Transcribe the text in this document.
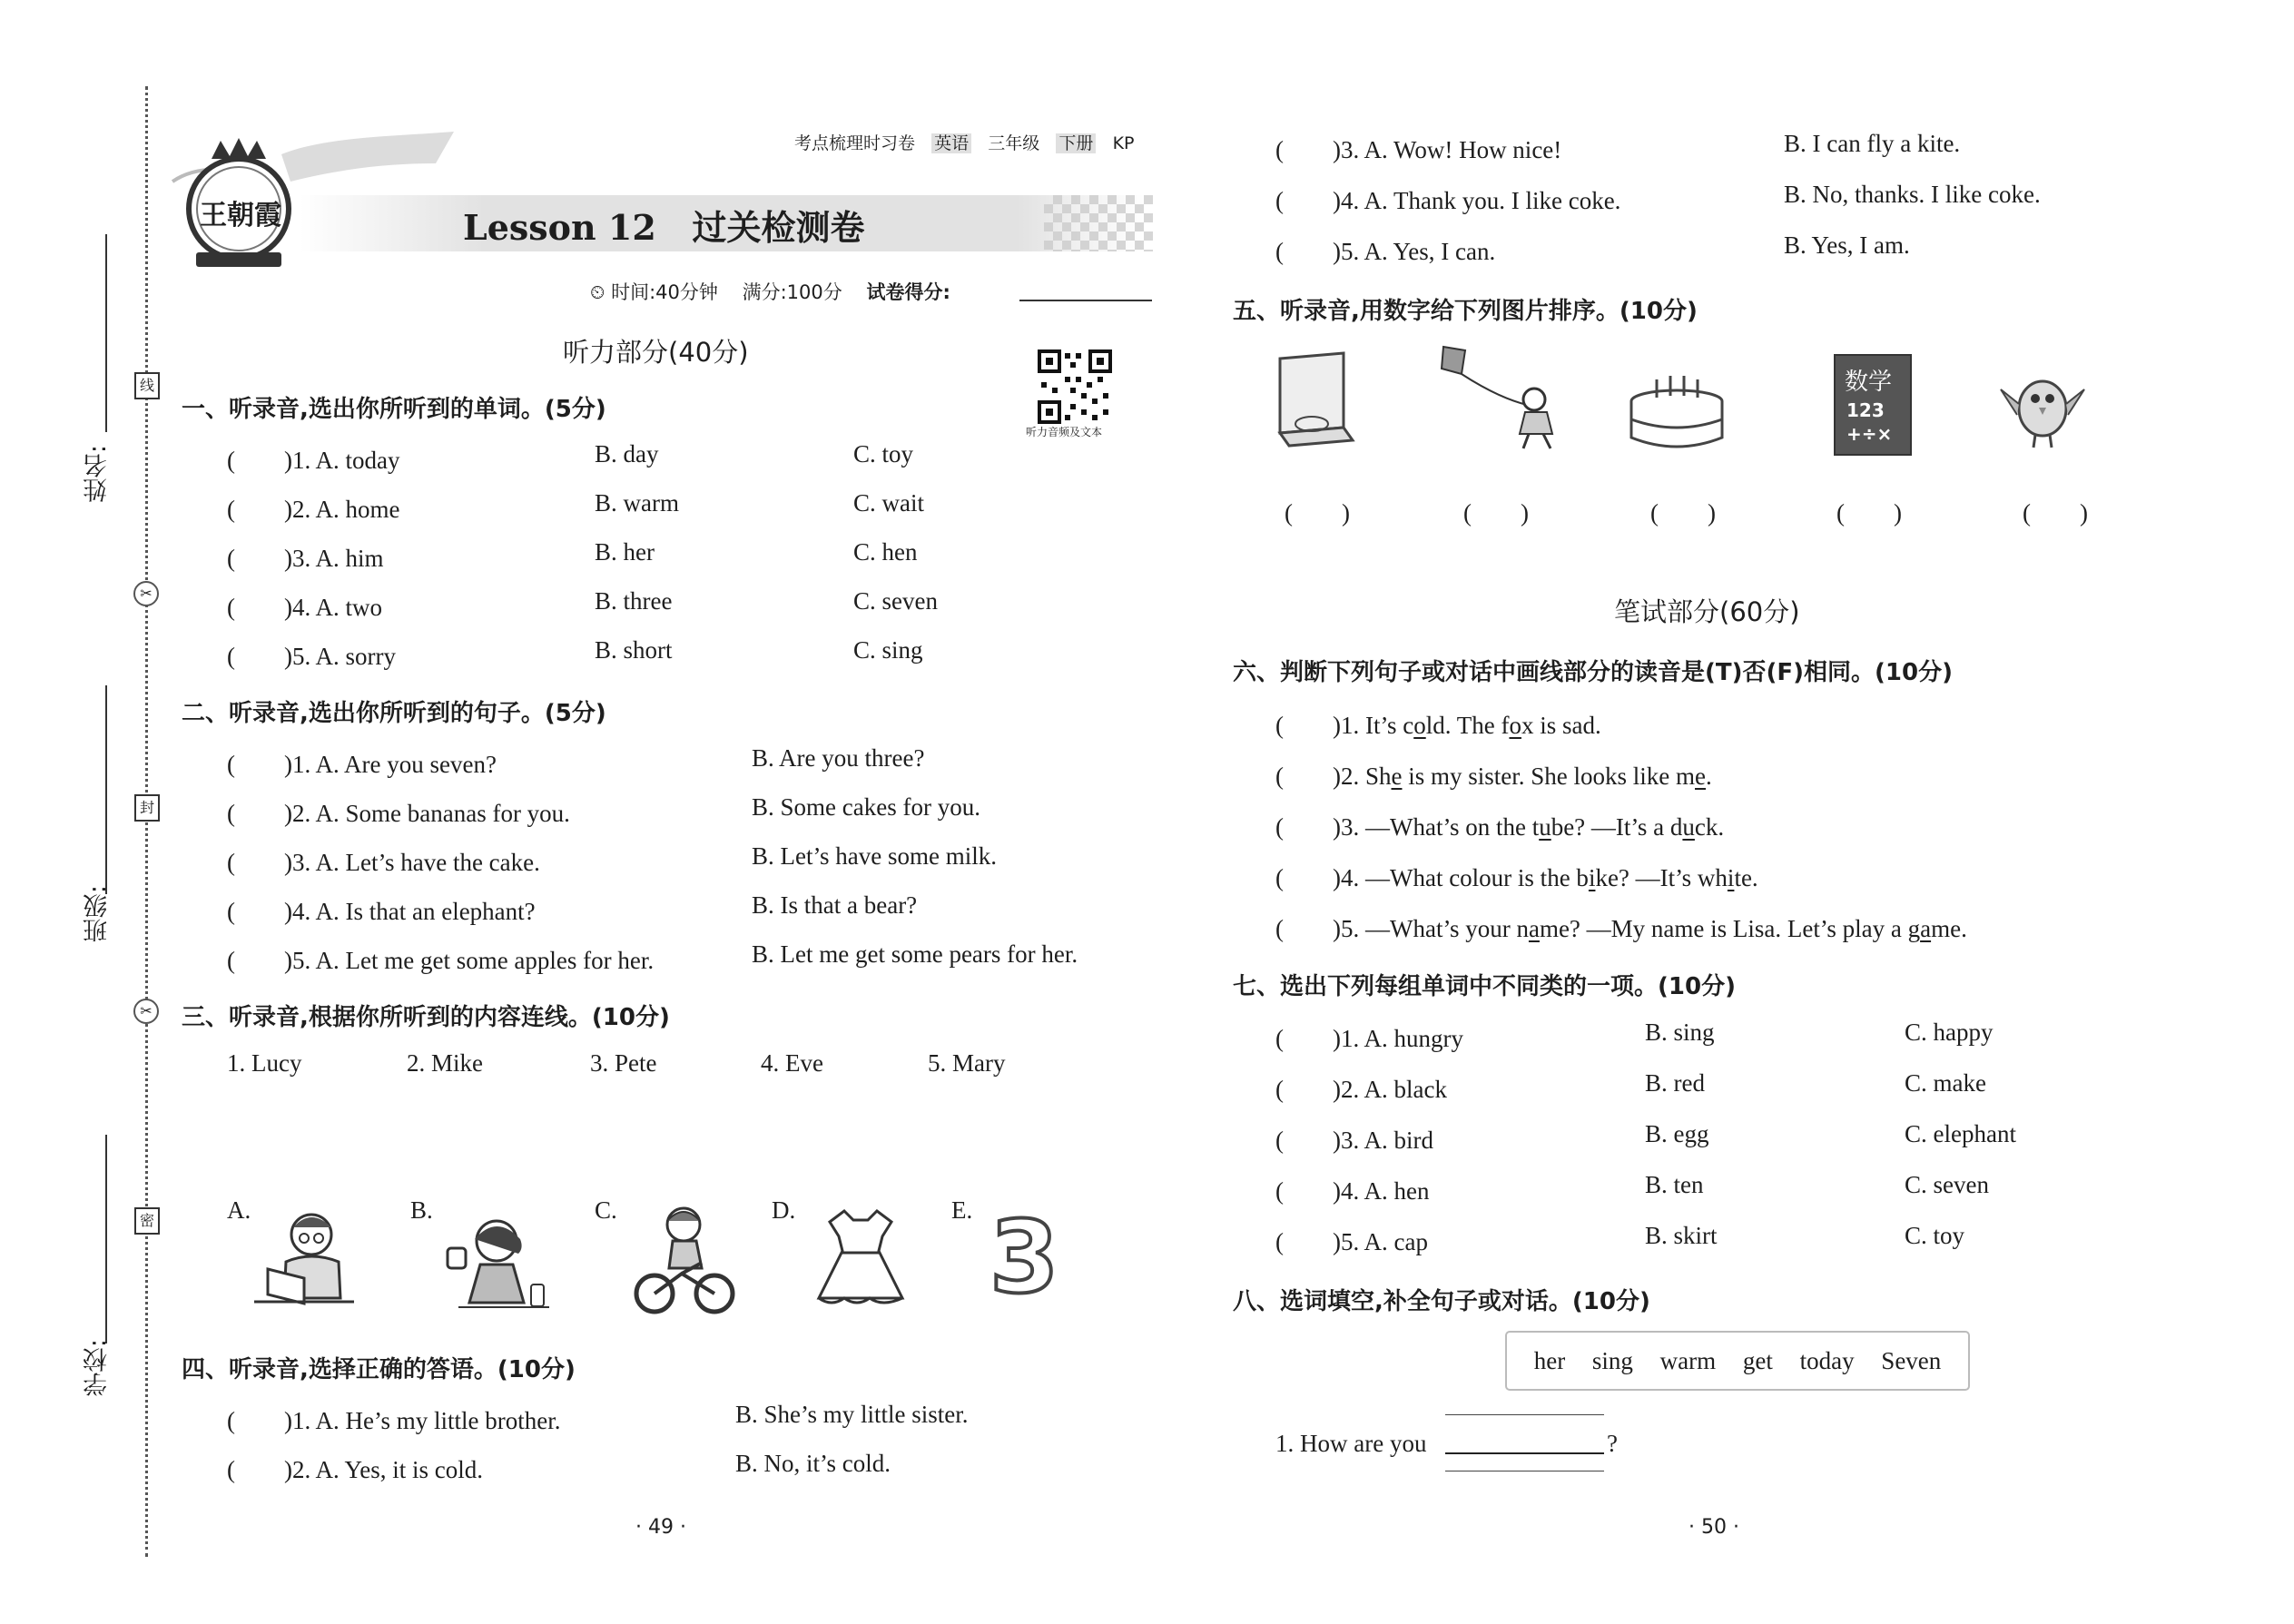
姓名:
班级:
学校:
线
封
密
✂
✂
王朝霞
考点梳理时习卷 英语 三年级 下册 KP
Lesson 12 过关检测卷
⏲ 时间:40分钟 满分:100分 试卷得分:
听力部分(40分)
听力音频及文本
一、听录音,选出你所听到的单词。(5分)
(　　)1. A. today	B. day	C. toy
(　　)2. A. home	B. warm	C. wait
(　　)3. A. him	B. her	C. hen
(　　)4. A. two	B. three	C. seven
(　　)5. A. sorry	B. short	C. sing
二、听录音,选出你所听到的句子。(5分)
(　　)1. A. Are you seven?	B. Are you three?
(　　)2. A. Some bananas for you.	B. Some cakes for you.
(　　)3. A. Let’s have the cake.	B. Let’s have some milk.
(　　)4. A. Is that an elephant?	B. Is that a bear?
(　　)5. A. Let me get some apples for her.	B. Let me get some pears for her.
三、听录音,根据你所听到的内容连线。(10分)
1. Lucy	2. Mike	3. Pete	4. Eve	5. Mary
A.	B.	C.	D.	E. 3
四、听录音,选择正确的答语。(10分)
(　　)1. A. He’s my little brother.	B. She’s my little sister.
(　　)2. A. Yes, it is cold.	B. No, it’s cold.
· 49 ·
(　　)3. A. Wow! How nice!	B. I can fly a kite.
(　　)4. A. Thank you. I like coke.	B. No, thanks. I like coke.
(　　)5. A. Yes, I can.	B. Yes, I am.
五、听录音,用数字给下列图片排序。(10分)
数学
123
+÷×
(　　)	(　　)	(　　)	(　　)	(　　)
笔试部分(60分)
六、判断下列句子或对话中画线部分的读音是(T)否(F)相同。(10分)
(　　)1. It’s cold. The fox is sad.
(　　)2. She is my sister. She looks like me.
(　　)3. —What’s on the tube? —It’s a duck.
(　　)4. —What colour is the bike? —It’s white.
(　　)5. —What’s your name? —My name is Lisa. Let’s play a game.
七、选出下列每组单词中不同类的一项。(10分)
(　　)1. A. hungry	B. sing	C. happy
(　　)2. A. black	B. red	C. make
(　　)3. A. bird	B. egg	C. elephant
(　　)4. A. hen	B. ten	C. seven
(　　)5. A. cap	B. skirt	C. toy
八、选词填空,补全句子或对话。(10分)
her sing warm get today Seven
1. How are you	?
· 50 ·
